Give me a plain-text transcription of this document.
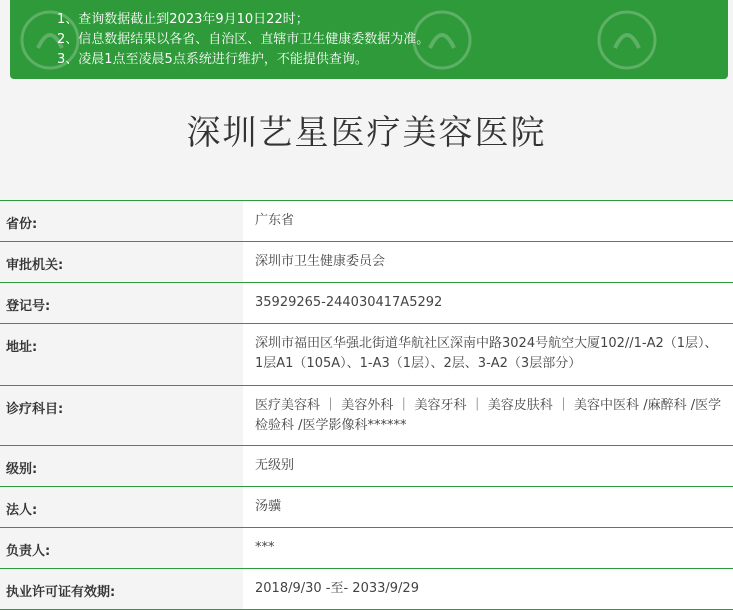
1、查询数据截止到2023年9月10日22时；
2、信息数据结果以各省、自治区、直辖市卫生健康委数据为准。
3、凌晨1点至凌晨5点系统进行维护，不能提供查询。
深圳艺星医疗美容医院
省份:	广东省
审批机关:	深圳市卫生健康委员会
登记号:	35929265-244030417A5292
地址:	深圳市福田区华强北街道华航社区深南中路3024号航空大厦102//1-A2（1层）、1层A1（105A）、1-A3（1层）、2层、3-A2（3层部分）
诊疗科目:	医疗美容科 ｜ 美容外科 ｜ 美容牙科 ｜ 美容皮肤科 ｜ 美容中医科 /麻醉科 /医学检验科 /医学影像科******
级别:	无级别
法人:	汤骥
负责人:	***
执业许可证有效期:	2018/9/30 -至- 2033/9/29
